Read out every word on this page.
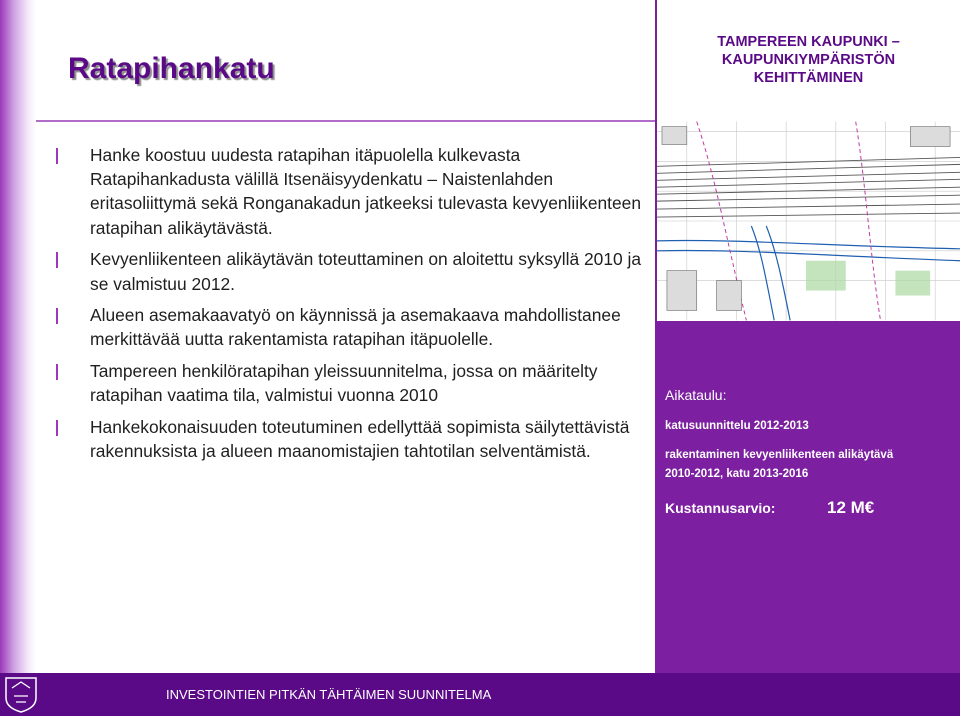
Ratapihankatu
TAMPEREEN KAUPUNKI –
KAUPUNKIYMPÄRISTÖN
KEHITTÄMINEN
Aikataulu:
katusuunnittelu 2012-2013
rakentaminen kevyenliikenteen alikäytävä
2010-2012, katu 2013-2016
Kustannusarvio:	12 M€
Hanke koostuu uudesta ratapihan itäpuolella kulkevasta Ratapihankadusta välillä Itsenäisyydenkatu – Naistenlahden eritasoliittymä sekä Ronganakadun jatkeeksi tulevasta kevyenliikenteen ratapihan alikäytävästä.
Kevyenliikenteen alikäytävän toteuttaminen on aloitettu syksyllä 2010 ja se valmistuu 2012.
Alueen asemakaavatyö on käynnissä ja asemakaava mahdollistanee merkittävää uutta rakentamista ratapihan itäpuolelle.
Tampereen henkilöratapihan yleissuunnitelma, jossa on määritelty ratapihan vaatima tila, valmistui vuonna 2010
Hankekokonaisuuden toteutuminen edellyttää sopimista säilytettävistä rakennuksista ja alueen maanomistajien tahtotilan selventämistä.
INVESTOINTIEN PITKÄN TÄHTÄIMEN SUUNNITELMA
